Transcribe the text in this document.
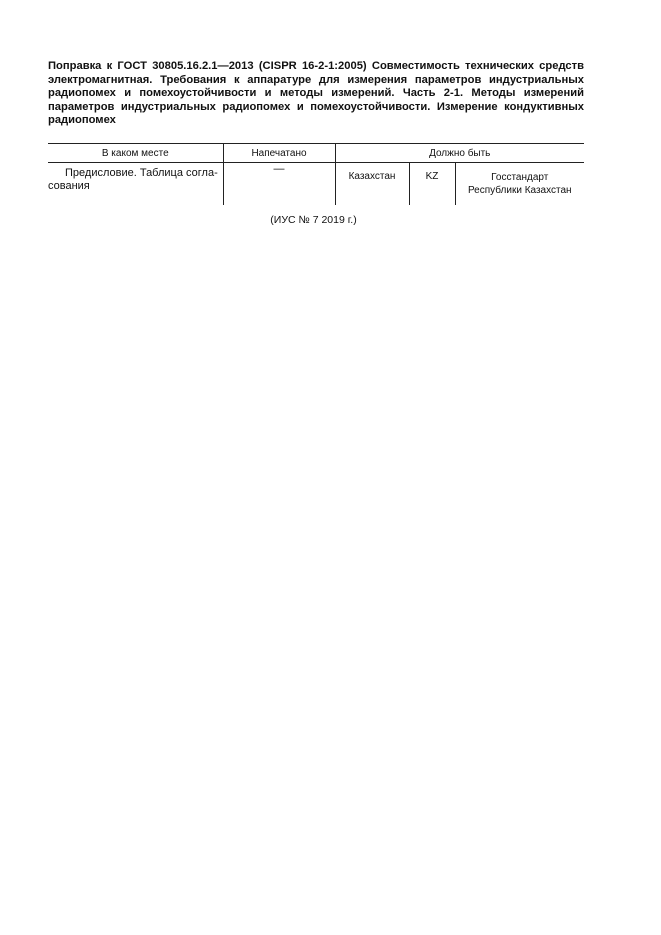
Поправка к ГОСТ 30805.16.2.1—2013 (CISPR 16-2-1:2005) Совместимость технических средств электромагнитная. Требования к аппаратуре для измерения параметров индустриальных радиопомех и помехоустойчивости и методы измерений. Часть 2-1. Методы измерений параметров индустриальных радиопомех и помехоустойчивости. Измерение кондуктивных радиопомех

В каком месте	Напечатано	Должно быть		
Предисловие. Таблица согласования	—	Казахстан	KZ	Госстандарт
Республики Казахстан

(ИУС № 7 2019 г.)
